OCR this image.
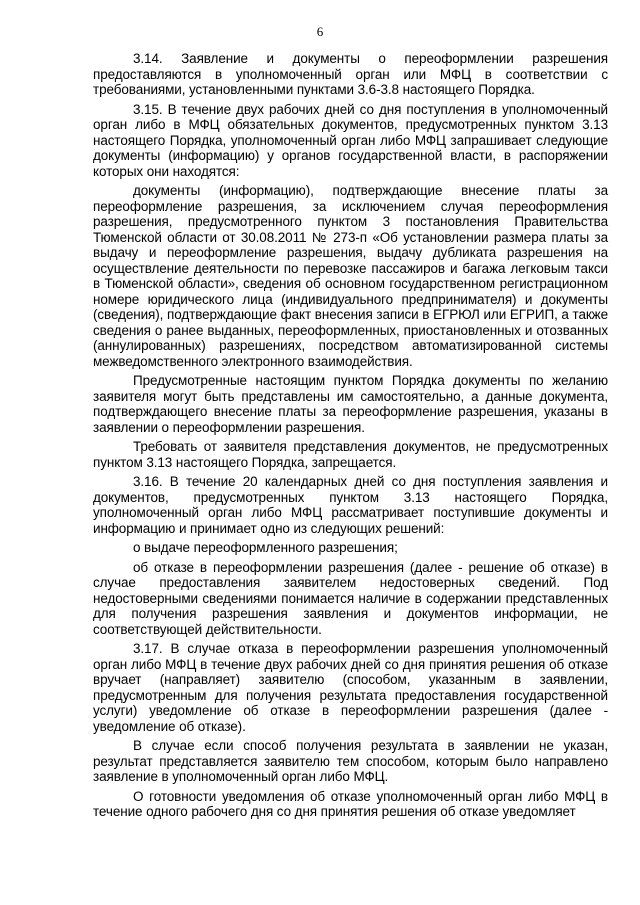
6

3.14. Заявление и документы о переоформлении разрешения предоставляются в уполномоченный орган или МФЦ в соответствии с требованиями, установленными пунктами 3.6-3.8 настоящего Порядка.

3.15. В течение двух рабочих дней со дня поступления в уполномоченный орган либо в МФЦ обязательных документов, предусмотренных пунктом 3.13 настоящего Порядка, уполномоченный орган либо МФЦ запрашивает следующие документы (информацию) у органов государственной власти, в распоряжении которых они находятся:

документы (информацию), подтверждающие внесение платы за переоформление разрешения, за исключением случая переоформления разрешения, предусмотренного пунктом 3 постановления Правительства Тюменской области от 30.08.2011 № 273-п «Об установлении размера платы за выдачу и переоформление разрешения, выдачу дубликата разрешения на осуществление деятельности по перевозке пассажиров и багажа легковым такси в Тюменской области», сведения об основном государственном регистрационном номере юридического лица (индивидуального предпринимателя) и документы (сведения), подтверждающие факт внесения записи в ЕГРЮЛ или ЕГРИП, а также сведения о ранее выданных, переоформленных, приостановленных и отозванных (аннулированных) разрешениях, посредством автоматизированной системы межведомственного электронного взаимодействия.

Предусмотренные настоящим пунктом Порядка документы по желанию заявителя могут быть представлены им самостоятельно, а данные документа, подтверждающего внесение платы за переоформление разрешения, указаны в заявлении о переоформлении разрешения.

Требовать от заявителя представления документов, не предусмотренных пунктом 3.13 настоящего Порядка, запрещается.

3.16. В течение 20 календарных дней со дня поступления заявления и документов, предусмотренных пунктом 3.13 настоящего Порядка, уполномоченный орган либо МФЦ рассматривает поступившие документы и информацию и принимает одно из следующих решений:

о выдаче переоформленного разрешения;

об отказе в переоформлении разрешения (далее - решение об отказе) в случае предоставления заявителем недостоверных сведений. Под недостоверными сведениями понимается наличие в содержании представленных для получения разрешения заявления и документов информации, не соответствующей действительности.

3.17. В случае отказа в переоформлении разрешения уполномоченный орган либо МФЦ в течение двух рабочих дней со дня принятия решения об отказе вручает (направляет) заявителю (способом, указанным в заявлении, предусмотренным для получения результата предоставления государственной услуги) уведомление об отказе в переоформлении разрешения (далее - уведомление об отказе).

В случае если способ получения результата в заявлении не указан, результат представляется заявителю тем способом, которым было направлено заявление в уполномоченный орган либо МФЦ.

О готовности уведомления об отказе уполномоченный орган либо МФЦ в течение одного рабочего дня со дня принятия решения об отказе уведомляет
